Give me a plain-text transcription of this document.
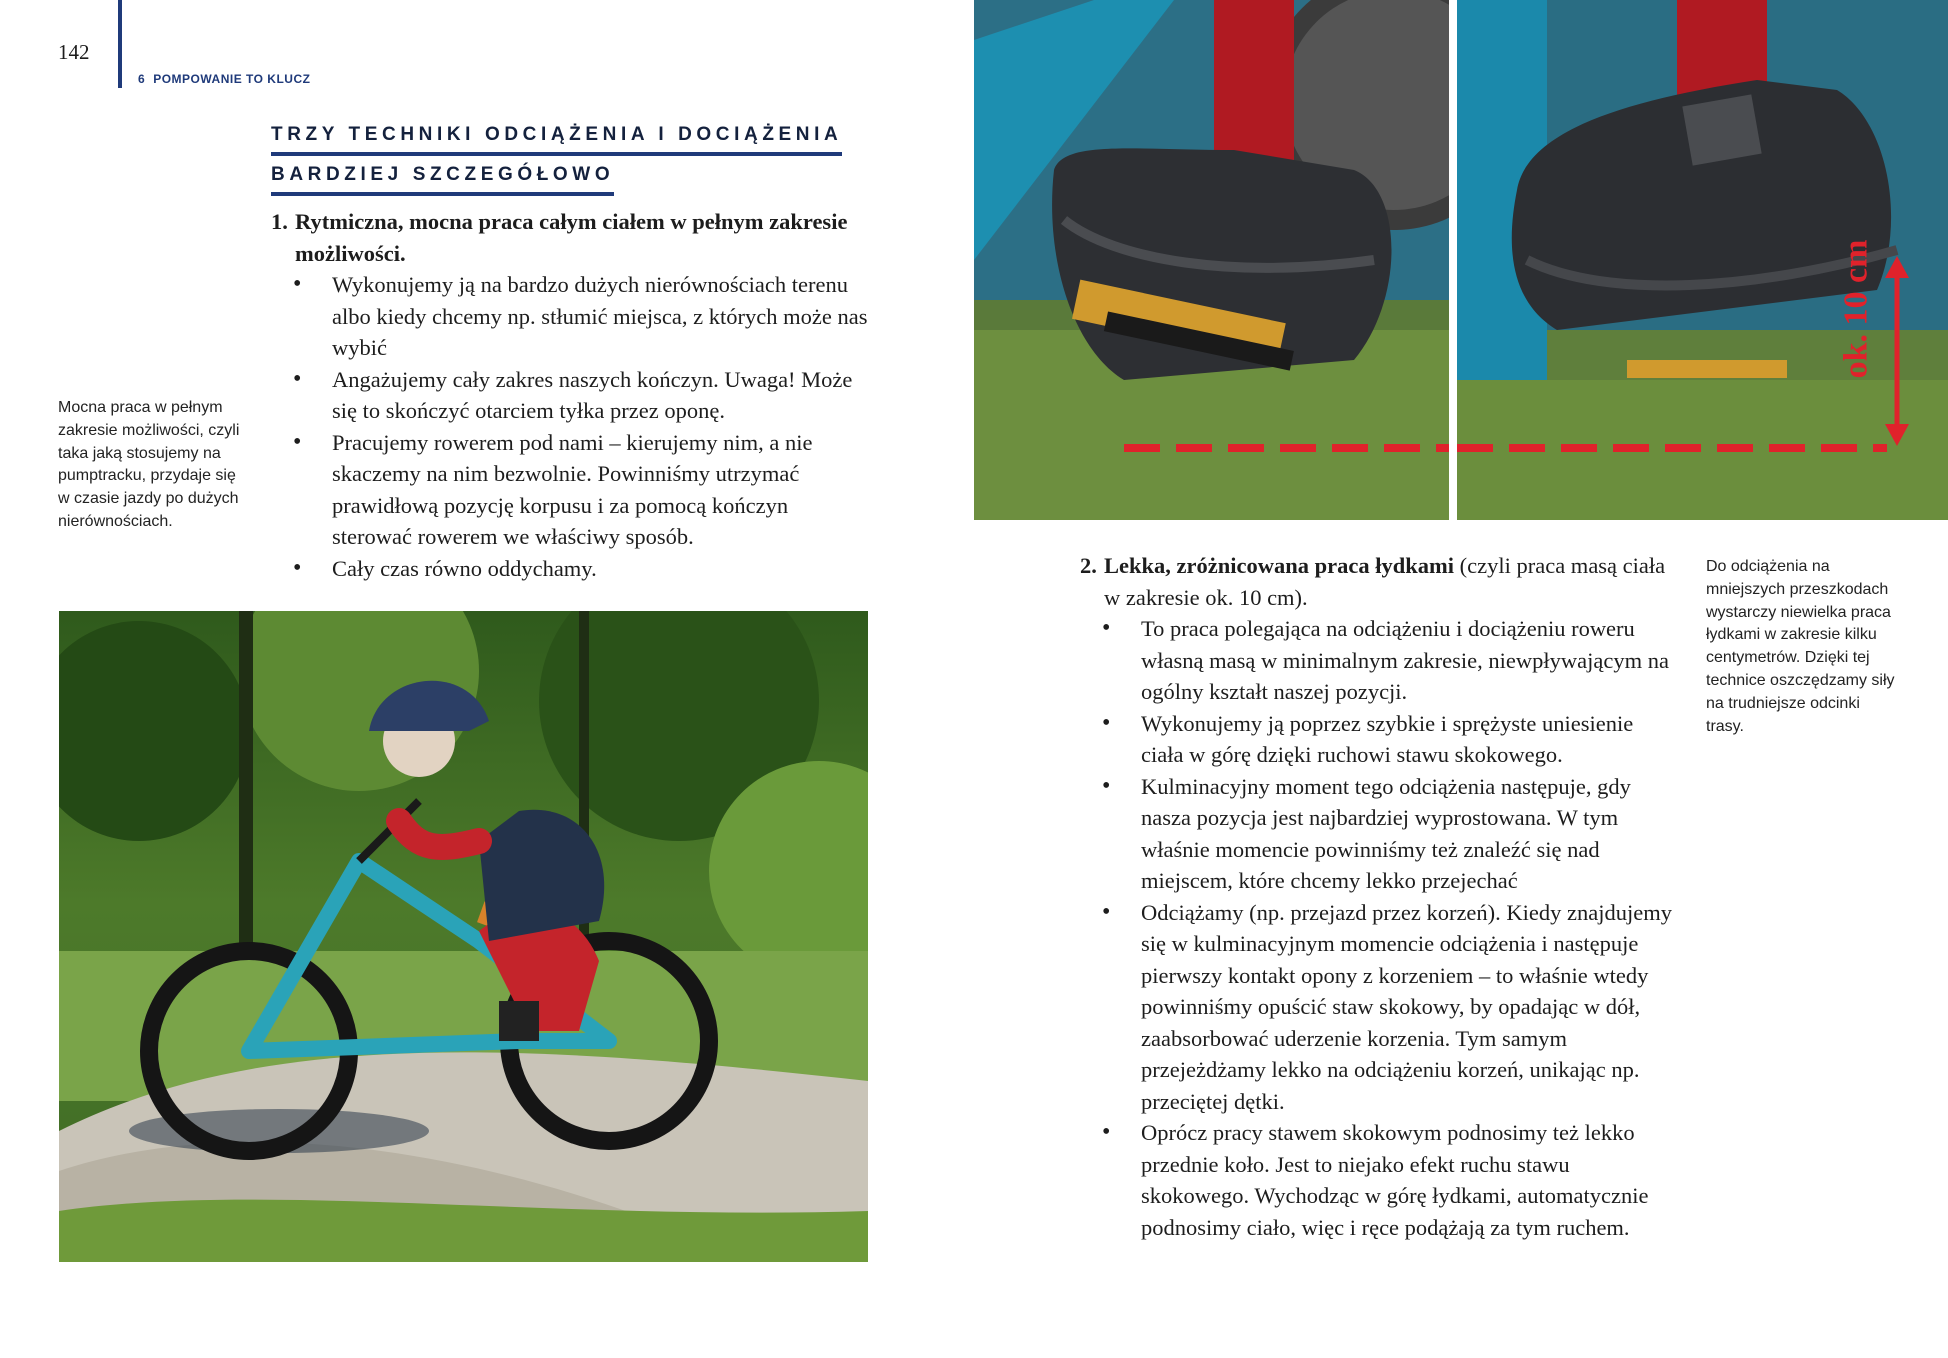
142
6 POMPOWANIE TO KLUCZ
TRZY TECHNIKI ODCIĄŻENIA I DOCIĄŻENIA
BARDZIEJ SZCZEGÓŁOWO
1. Rytmiczna, mocna praca całym ciałem w pełnym zakresie możliwości.
• Wykonujemy ją na bardzo dużych nierównościach terenu albo kiedy chcemy np. stłumić miejsca, z których może nas wybić
• Angażujemy cały zakres naszych kończyn. Uwaga! Może się to skończyć otarciem tyłka przez oponę.
• Pracujemy rowerem pod nami – kierujemy nim, a nie skaczemy na nim bezwolnie. Powinniśmy utrzymać prawidłową pozycję korpusu i za pomocą kończyn sterować rowerem we właściwy sposób.
• Cały czas równo oddychamy.
Mocna praca w pełnym zakresie możliwości, czyli taka jaką stosujemy na pumptracku, przydaje się w czasie jazdy po dużych nierównościach.
ok. 10 cm
2. Lekka, zróżnicowana praca łydkami (czyli praca masą ciała w zakresie ok. 10 cm).
• To praca polegająca na odciążeniu i dociążeniu roweru własną masą w minimalnym zakresie, niewpływającym na ogólny kształt naszej pozycji.
• Wykonujemy ją poprzez szybkie i sprężyste uniesienie ciała w górę dzięki ruchowi stawu skokowego.
• Kulminacyjny moment tego odciążenia następuje, gdy nasza pozycja jest najbardziej wyprostowana. W tym właśnie momencie powinniśmy też znaleźć się nad miejscem, które chcemy lekko przejechać
• Odciążamy (np. przejazd przez korzeń). Kiedy znajdujemy się w kulminacyjnym momencie odciążenia i następuje pierwszy kontakt opony z korzeniem – to właśnie wtedy powinniśmy opuścić staw skokowy, by opadając w dół, zaabsorbować uderzenie korzenia. Tym samym przejeżdżamy lekko na odciążeniu korzeń, unikając np. przeciętej dętki.
• Oprócz pracy stawem skokowym podnosimy też lekko przednie koło. Jest to niejako efekt ruchu stawu skokowego. Wychodząc w górę łydkami, automatycznie podnosimy ciało, więc i ręce podążają za tym ruchem.
Do odciążenia na mniejszych przeszkodach wystarczy niewielka praca łydkami w zakresie kilku centymetrów. Dzięki tej technice oszczędzamy siły na trudniejsze odcinki trasy.
